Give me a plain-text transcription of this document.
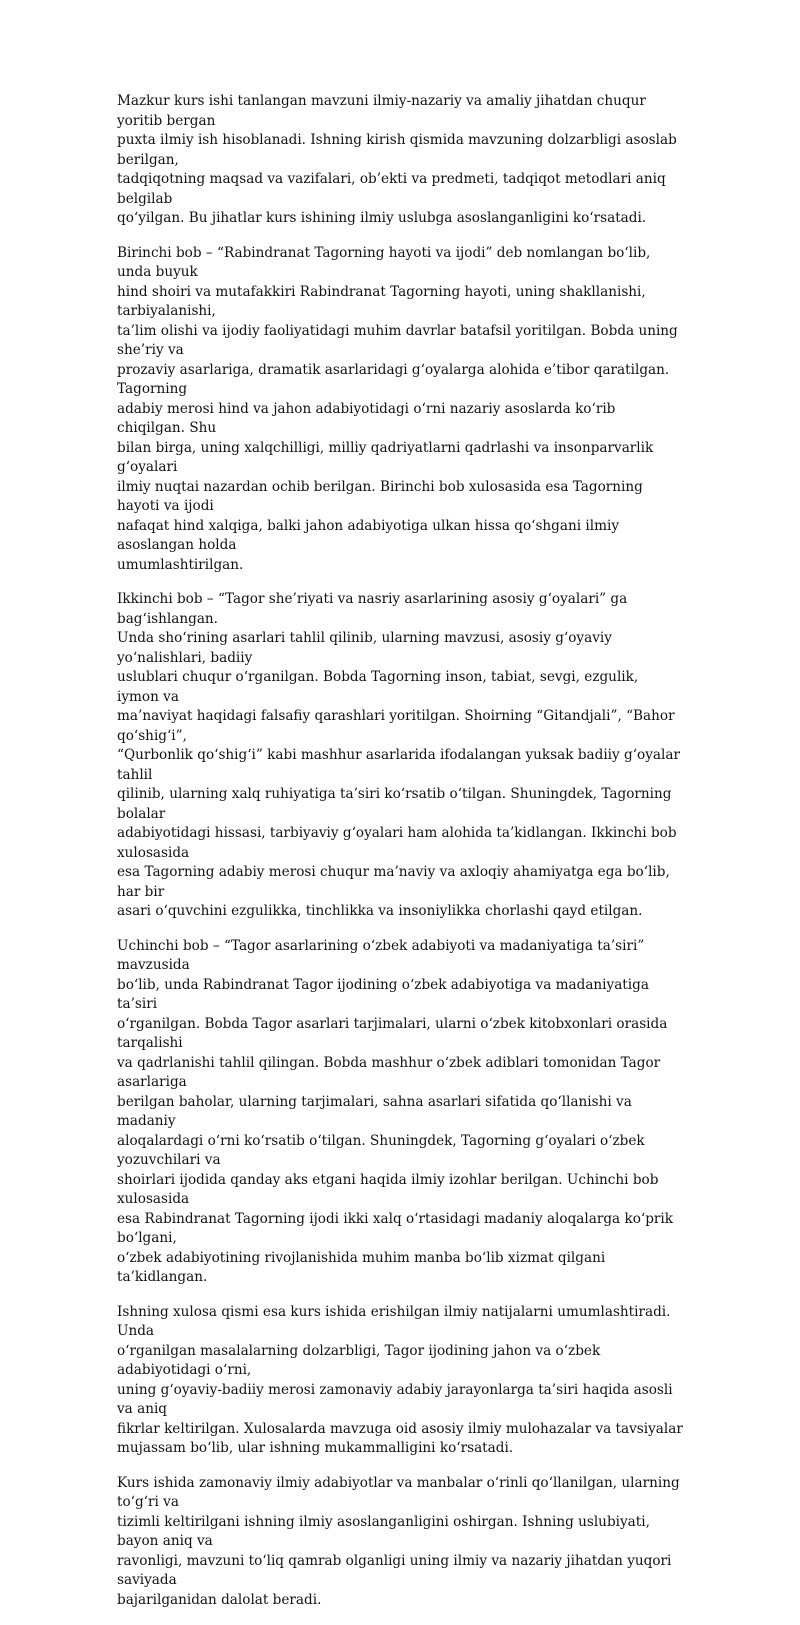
Mazkur kurs ishi tanlangan mavzuni ilmiy-nazariy va amaliy jihatdan chuqur yoritib bergan
puxta ilmiy ish hisoblanadi. Ishning kirish qismida mavzuning dolzarbligi asoslab berilgan,
tadqiqotning maqsad va vazifalari, ob’ekti va predmeti, tadqiqot metodlari aniq belgilab
qo‘yilgan. Bu jihatlar kurs ishining ilmiy uslubga asoslanganligini ko‘rsatadi.

Birinchi bob – “Rabindranat Tagorning hayoti va ijodi” deb nomlangan bo‘lib, unda buyuk
hind shoiri va mutafakkiri Rabindranat Tagorning hayoti, uning shakllanishi, tarbiyalanishi,
ta’lim olishi va ijodiy faoliyatidagi muhim davrlar batafsil yoritilgan. Bobda uning she’riy va
prozaviy asarlariga, dramatik asarlaridagi g‘oyalarga alohida e’tibor qaratilgan. Tagorning
adabiy merosi hind va jahon adabiyotidagi o‘rni nazariy asoslarda ko‘rib chiqilgan. Shu
bilan birga, uning xalqchilligi, milliy qadriyatlarni qadrlashi va insonparvarlik g‘oyalari
ilmiy nuqtai nazardan ochib berilgan. Birinchi bob xulosasida esa Tagorning hayoti va ijodi
nafaqat hind xalqiga, balki jahon adabiyotiga ulkan hissa qo‘shgani ilmiy asoslangan holda
umumlashtirilgan.

Ikkinchi bob – “Tagor she’riyati va nasriy asarlarining asosiy g‘oyalari” ga bag‘ishlangan.
Unda sho‘rining asarlari tahlil qilinib, ularning mavzusi, asosiy g‘oyaviy yo‘nalishlari, badiiy
uslublari chuqur o‘rganilgan. Bobda Tagorning inson, tabiat, sevgi, ezgulik, iymon va
ma’naviyat haqidagi falsafiy qarashlari yoritilgan. Shoirning “Gitandjali”, “Bahor qo‘shig‘i”,
“Qurbonlik qo‘shig‘i” kabi mashhur asarlarida ifodalangan yuksak badiiy g‘oyalar tahlil
qilinib, ularning xalq ruhiyatiga ta’siri ko‘rsatib o‘tilgan. Shuningdek, Tagorning bolalar
adabiyotidagi hissasi, tarbiyaviy g‘oyalari ham alohida ta’kidlangan. Ikkinchi bob xulosasida
esa Tagorning adabiy merosi chuqur ma’naviy va axloqiy ahamiyatga ega bo‘lib, har bir
asari o‘quvchini ezgulikka, tinchlikka va insoniylikka chorlashi qayd etilgan.

Uchinchi bob – “Tagor asarlarining o‘zbek adabiyoti va madaniyatiga ta’siri” mavzusida
bo‘lib, unda Rabindranat Tagor ijodining o‘zbek adabiyotiga va madaniyatiga ta’siri
o‘rganilgan. Bobda Tagor asarlari tarjimalari, ularni o‘zbek kitobxonlari orasida tarqalishi
va qadrlanishi tahlil qilingan. Bobda mashhur o‘zbek adiblari tomonidan Tagor asarlariga
berilgan baholar, ularning tarjimalari, sahna asarlari sifatida qo‘llanishi va madaniy
aloqalardagi o‘rni ko‘rsatib o‘tilgan. Shuningdek, Tagorning g‘oyalari o‘zbek yozuvchilari va
shoirlari ijodida qanday aks etgani haqida ilmiy izohlar berilgan. Uchinchi bob xulosasida
esa Rabindranat Tagorning ijodi ikki xalq o‘rtasidagi madaniy aloqalarga ko‘prik bo‘lgani,
o‘zbek adabiyotining rivojlanishida muhim manba bo‘lib xizmat qilgani ta’kidlangan.

Ishning xulosa qismi esa kurs ishida erishilgan ilmiy natijalarni umumlashtiradi. Unda
o‘rganilgan masalalarning dolzarbligi, Tagor ijodining jahon va o‘zbek adabiyotidagi o‘rni,
uning g‘oyaviy-badiiy merosi zamonaviy adabiy jarayonlarga ta’siri haqida asosli va aniq
fikrlar keltirilgan. Xulosalarda mavzuga oid asosiy ilmiy mulohazalar va tavsiyalar
mujassam bo‘lib, ular ishning mukammalligini ko‘rsatadi.

Kurs ishida zamonaviy ilmiy adabiyotlar va manbalar o‘rinli qo‘llanilgan, ularning to‘g‘ri va
tizimli keltirilgani ishning ilmiy asoslanganligini oshirgan. Ishning uslubiyati, bayon aniq va
ravonligi, mavzuni to‘liq qamrab olganligi uning ilmiy va nazariy jihatdan yuqori saviyada
bajarilganidan dalolat beradi.
